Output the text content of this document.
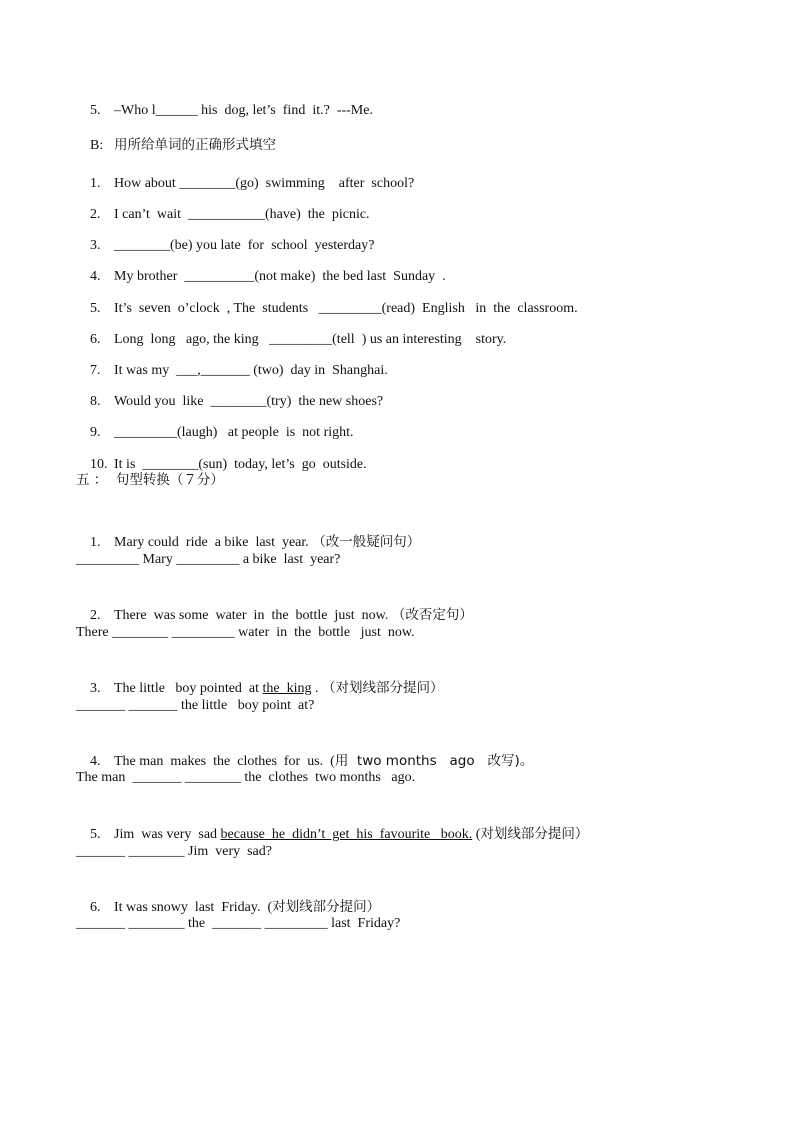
5. –Who l______ his  dog, let’s  find  it.?  ---Me.

B: 用所给单词的正确形式填空

1. How about ________(go)  swimming    after  school?

2. I can’t  wait  ___________(have)  the  picnic.

3. ________(be) you late  for  school  yesterday?

4. My brother  __________(not make)  the bed last  Sunday  .

5. It’s  seven  o’clock  , The  students   _________(read)  English   in  the  classroom.

6. Long  long   ago, the king   _________(tell  ) us an interesting    story.

7. It was my  ___,_______ (two)  day in  Shanghai.

8. Would you  like  ________(try)  the new shoes?

9. _________(laugh)   at people  is  not right.

10. It is  ________(sun)  today, let’s  go  outside.

五 ：  句型转换（７分）

1. Mary could  ride  a bike  last  year. （改一般疑问句）

_________ Mary _________ a bike  last  year?

2. There  was some  water  in  the  bottle  just  now. （改否定句）

There ________ _________ water  in  the  bottle   just  now.

3. The little   boy pointed  at the  king . （对划线部分提问）

_______ _______ the little   boy point  at?

4. The man  makes  the  clothes  for  us.  (用  two months   ago   改写)。

The man  _______ ________ the  clothes  two months   ago.

5. Jim  was very  sad because  he  didn’t  get  his  favourite   book. (对划线部分提问）

_______ ________ Jim  very  sad?

6. It was snowy  last  Friday.  (对划线部分提问）

_______ ________ the  _______ _________ last  Friday?
